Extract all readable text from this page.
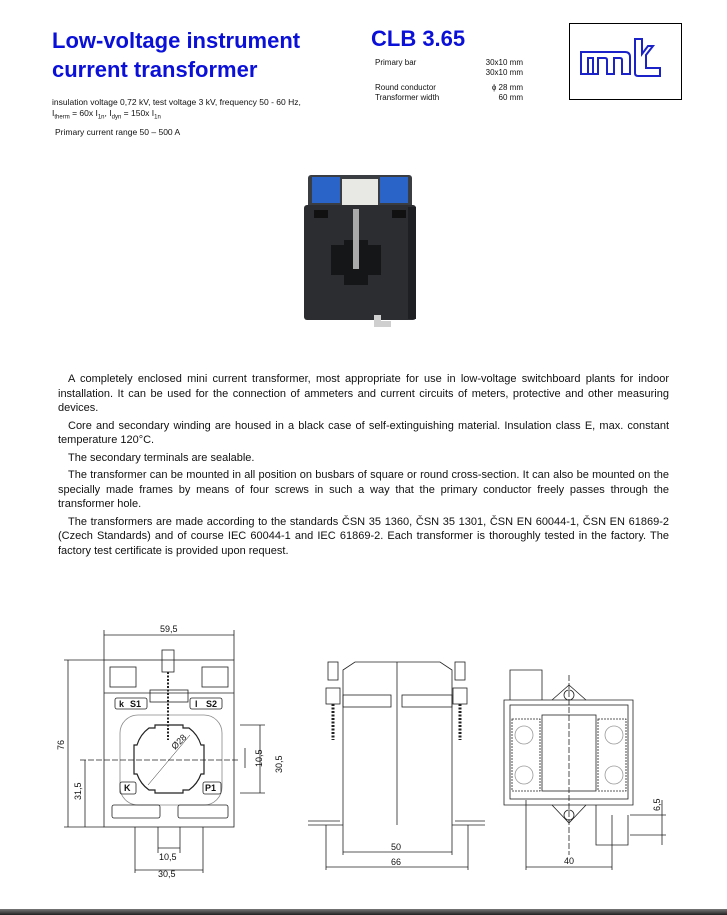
Low-voltage instrument
current transformer
insulation voltage 0,72 kV, test voltage 3 kV, frequency 50 - 60 Hz,
$I_{therm} = 60x$ $I_{1n}$, $I_{dyn} = 150x$ $I_{1n}$
Primary current range 50 – 500 A
CLB 3.65
Primary bar	30x10 mm
30x10 mm
Round conductor	ϕ 28 mm
Transformer width	60 mm

A completely enclosed mini current transformer, most appropriate for use in low-voltage switchboard plants for indoor installation. It can be used for the connection of ammeters and current circuits of meters, protective and other measuring devices.

Core and secondary winding are housed in a black case of self-extinguishing material. Insulation class E, max. constant temperature 120°C.

The secondary terminals are sealable.

The transformer can be mounted in all position on busbars of square or round cross-section. It can also be mounted on the specially made frames by means of four screws in such a way that the primary conductor freely passes through the transformer hole.

The transformers are made according to the standards ČSN 35 1360, ČSN 35 1301, ČSN EN 60044-1, ČSN EN 61869-2 (Czech Standards) and of course IEC 60044-1 and IEC 61869-2. Each transformer is thoroughly tested in the factory. The factory test certificate is provided upon request.

59,5
76
31,5
Ø28
10,5 30,5
10,5
30,5
k S1	l S2
K	P1
50
66	40
6,5
